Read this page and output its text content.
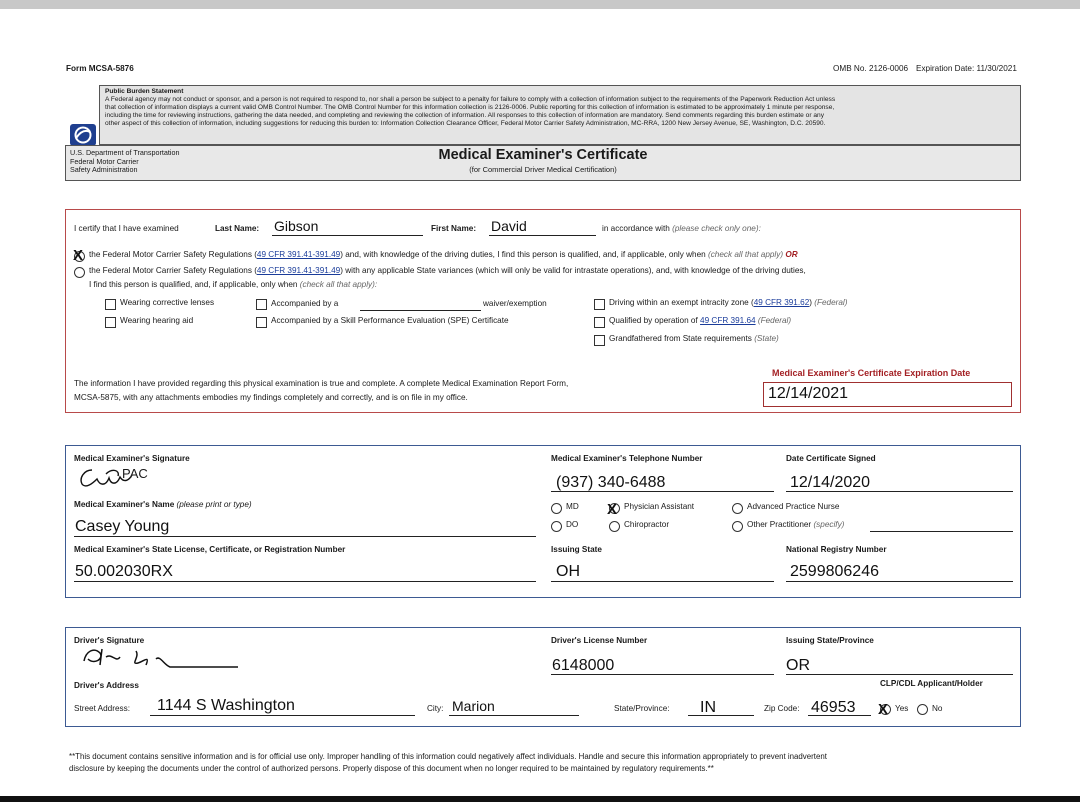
Form MCSA-5876	OMB No. 2126-0006 Expiration Date: 11/30/2021
Public Burden Statement
A Federal agency may not conduct or sponsor, and a person is not required to respond to, nor shall a person be subject to a penalty for failure to comply with a collection of information subject to the requirements of the Paperwork Reduction Act unless
that collection of information displays a current valid OMB Control Number. The OMB Control Number for this information collection is 2126-0006. Public reporting for this collection of information is estimated to be approximately 1 minute per response,
including the time for reviewing instructions, gathering the data needed, and completing and reviewing the collection of information. All responses to this collection of information are mandatory. Send comments regarding this burden estimate or any
other aspect of this collection of information, including suggestions for reducing this burden to: Information Collection Clearance Officer, Federal Motor Carrier Safety Administration, MC-RRA, 1200 New Jersey Avenue, SE, Washington, D.C. 20590.
U.S. Department of Transportation
Federal Motor Carrier
Safety Administration
Medical Examiner's Certificate
(for Commercial Driver Medical Certification)
I certify that I have examined	Last Name: Gibson	First Name: David	in accordance with (please check only one):
X the Federal Motor Carrier Safety Regulations (49 CFR 391.41-391.49) and, with knowledge of the driving duties, I find this person is qualified, and, if applicable, only when (check all that apply) OR
the Federal Motor Carrier Safety Regulations (49 CFR 391.41-391.49) with any applicable State variances (which will only be valid for intrastate operations), and, with knowledge of the driving duties,
I find this person is qualified, and, if applicable, only when (check all that apply):
Wearing corrective lenses
Wearing hearing aid
Accompanied by a	waiver/exemption
Accompanied by a Skill Performance Evaluation (SPE) Certificate
Driving within an exempt intracity zone (49 CFR 391.62) (Federal)
Qualified by operation of 49 CFR 391.64 (Federal)
Grandfathered from State requirements (State)
The information I have provided regarding this physical examination is true and complete. A complete Medical Examination Report Form,
MCSA-5875, with any attachments embodies my findings completely and correctly, and is on file in my office.
Medical Examiner's Certificate Expiration Date
12/14/2021
Medical Examiner's Signature
PAC
Medical Examiner's Telephone Number
(937) 340-6488
Date Certificate Signed
12/14/2020
Medical Examiner's Name (please print or type)
Casey Young
MD
DO
X Physician Assistant
Chiropractor
Advanced Practice Nurse
Other Practitioner (specify)
Medical Examiner's State License, Certificate, or Registration Number
50.002030RX
Issuing State
OH
National Registry Number
2599806246
Driver's Signature	Driver's License Number
6148000
Issuing State/Province
OR
Driver's Address	CLP/CDL Applicant/Holder
Street Address: 1144 S Washington	City: Marion	State/Province: IN	Zip Code: 46953 X Yes	No
**This document contains sensitive information and is for official use only. Improper handling of this information could negatively affect individuals. Handle and secure this information appropriately to prevent inadvertent
disclosure by keeping the documents under the control of authorized persons. Properly dispose of this document when no longer required to be maintained by regulatory requirements.**
